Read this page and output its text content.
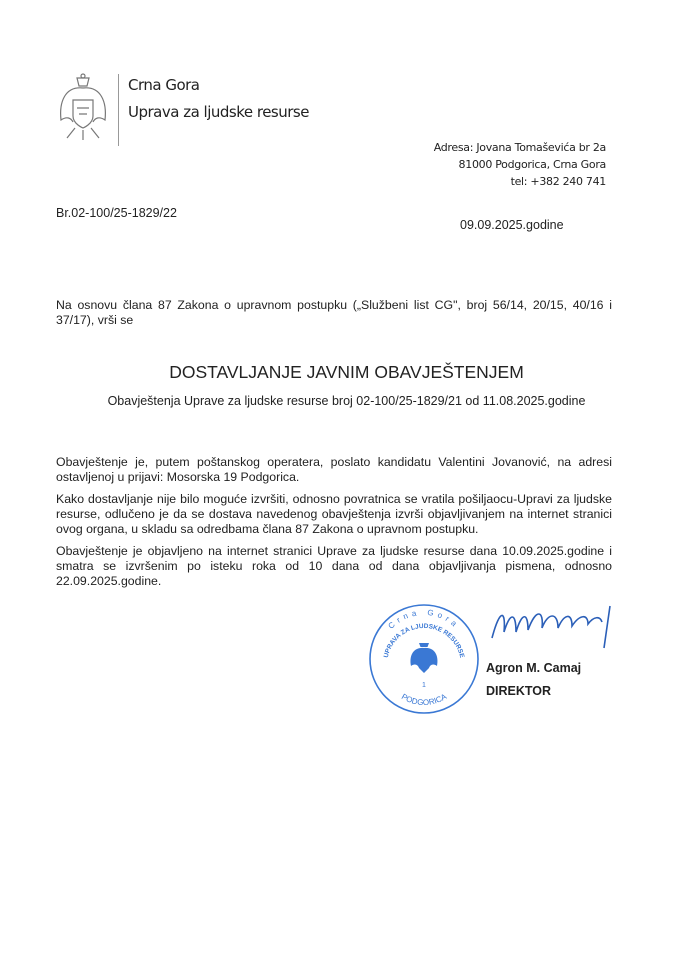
Crna Gora
Uprava za ljudske resurse
Adresa: Jovana Tomaševića br 2a
81000 Podgorica, Crna Gora
tel: +382 240 741
Br.02-100/25-1829/22
09.09.2025.godine
Na osnovu člana 87 Zakona o upravnom postupku („Službeni list CG", broj 56/14, 20/15, 40/16 i 37/17), vrši se
DOSTAVLJANJE JAVNIM OBAVJEŠTENJEM
Obavještenja Uprave za ljudske resurse broj 02-100/25-1829/21 od 11.08.2025.godine

Obavještenje je, putem poštanskog operatera, poslato kandidatu Valentini Jovanović, na adresi ostavljenoj u prijavi: Mosorska 19 Podgorica.

Kako dostavljanje nije bilo moguće izvršiti, odnosno povratnica se vratila pošiljaocu-Upravi za ljudske resurse, odlučeno je da se dostava navedenog obavještenja izvrši objavljivanjem na internet stranici ovog organa, u skladu sa odredbama člana 87 Zakona o upravnom postupku.

Obavještenje je objavljeno na internet stranici Uprave za ljudske resurse dana 10.09.2025.godine i smatra se izvršenim po isteku roka od 10 dana od dana objavljivanja pismena, odnosno 22.09.2025.godine.

Crna Gora
UPRAVA ZA LJUDSKE RESURSE
PODGORICA
1
Agron M. Camaj
DIREKTOR
